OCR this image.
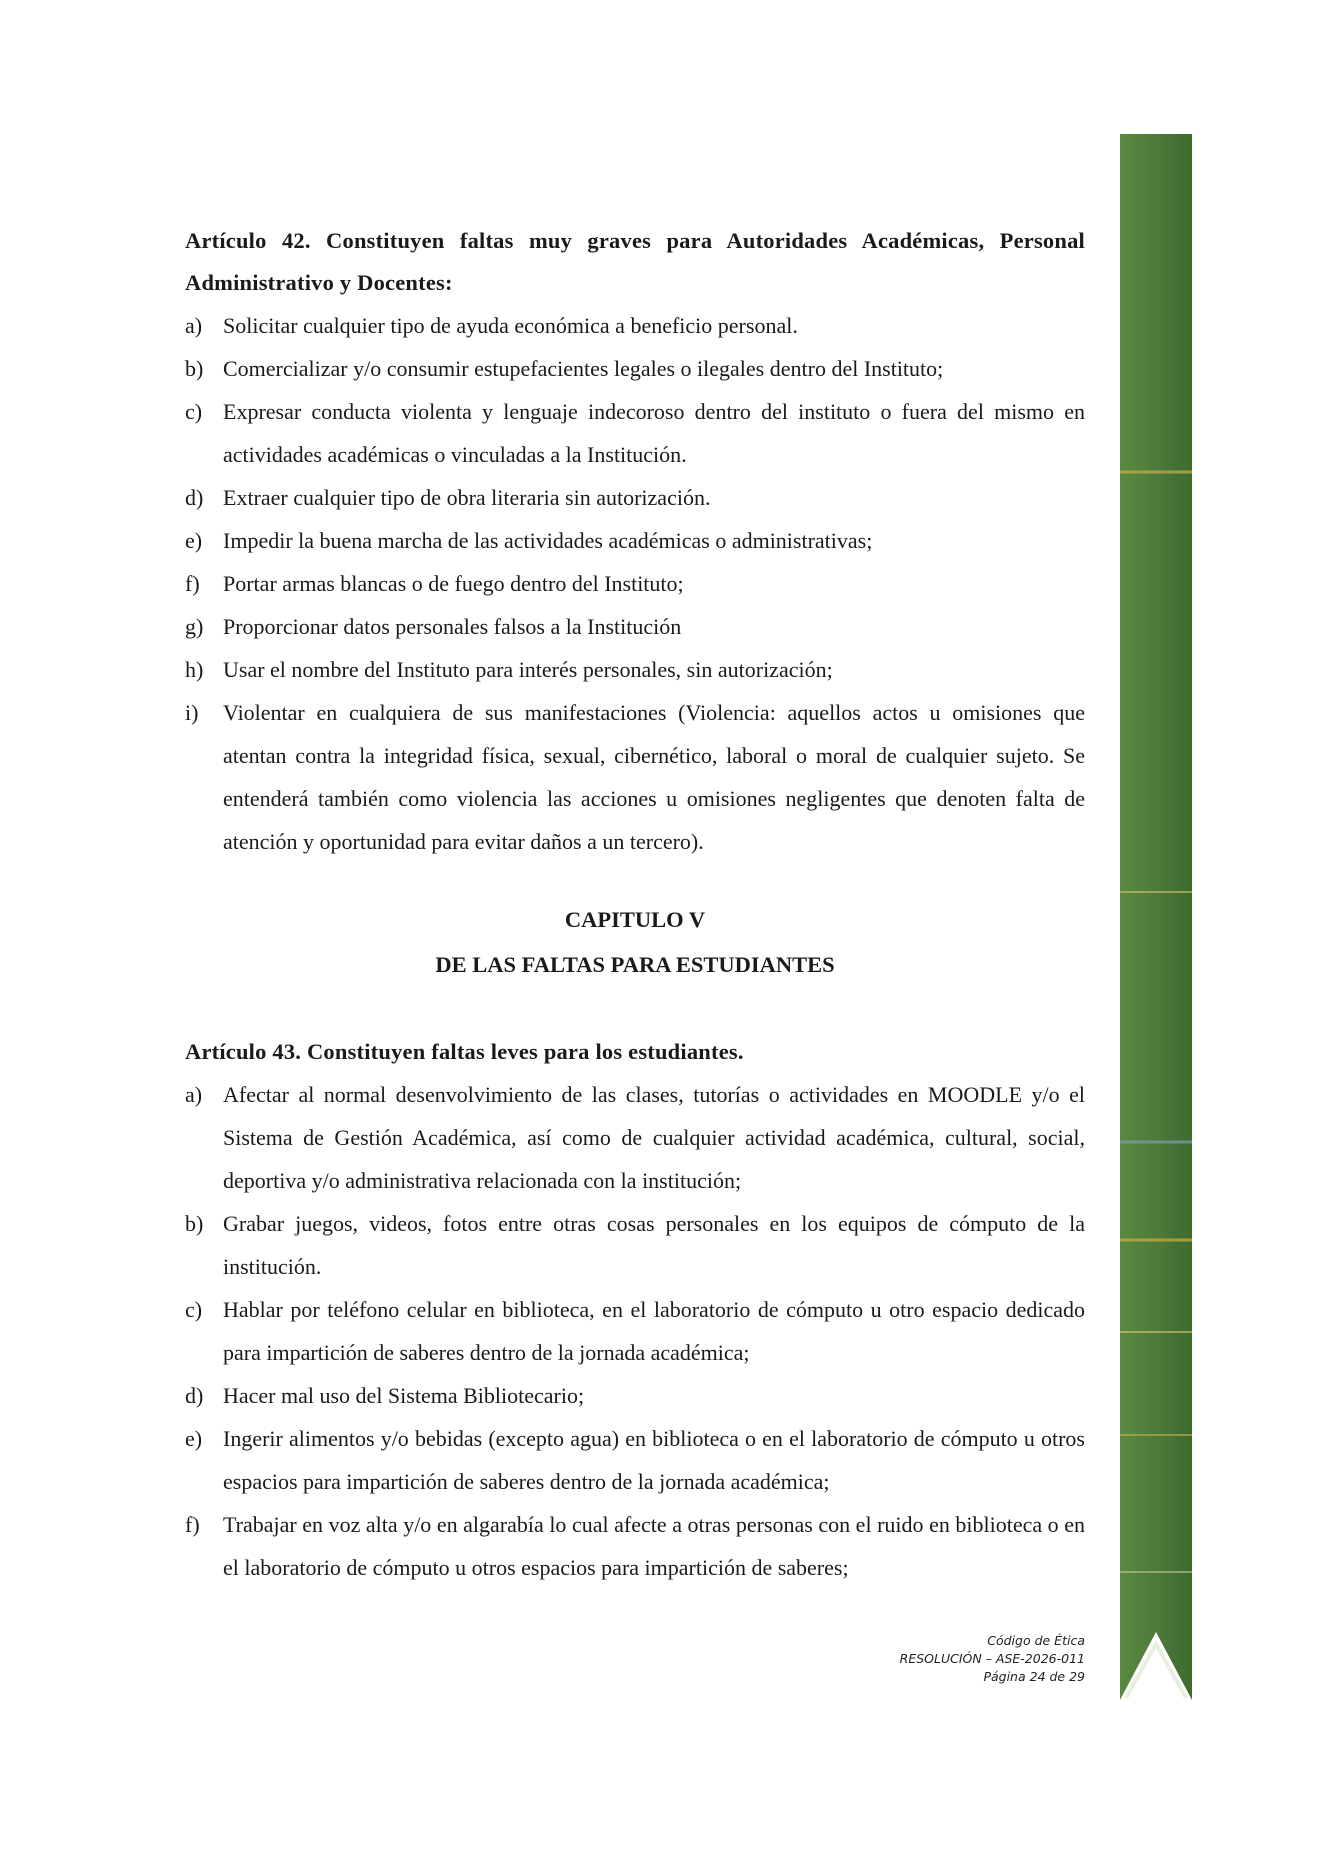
Artículo 42. Constituyen faltas muy graves para Autoridades Académicas, Personal Administrativo y Docentes:

a) Solicitar cualquier tipo de ayuda económica a beneficio personal.
b) Comercializar y/o consumir estupefacientes legales o ilegales dentro del Instituto;
c) Expresar conducta violenta y lenguaje indecoroso dentro del instituto o fuera del mismo en actividades académicas o vinculadas a la Institución.
d) Extraer cualquier tipo de obra literaria sin autorización.
e) Impedir la buena marcha de las actividades académicas o administrativas;
f)	Portar armas blancas o de fuego dentro del Instituto;
g) Proporcionar datos personales falsos a la Institución
h) Usar el nombre del Instituto para interés personales, sin autorización;
i)	Violentar en cualquiera de sus manifestaciones (Violencia: aquellos actos u omisiones que atentan contra la integridad física, sexual, cibernético, laboral o moral de cualquier sujeto. Se entenderá también como violencia las acciones u omisiones negligentes que denoten falta de atención y oportunidad para evitar daños a un tercero).
CAPITULO V
DE LAS FALTAS PARA ESTUDIANTES

Artículo 43. Constituyen faltas leves para los estudiantes.

a) Afectar al normal desenvolvimiento de las clases, tutorías o actividades en MOODLE y/o el Sistema de Gestión Académica, así como de cualquier actividad académica, cultural, social, deportiva y/o administrativa relacionada con la institución;
b) Grabar juegos, videos, fotos entre otras cosas personales en los equipos de cómputo de la institución.
c) Hablar por teléfono celular en biblioteca, en el laboratorio de cómputo u otro espacio dedicado para impartición de saberes dentro de la jornada académica;
d) Hacer mal uso del Sistema Bibliotecario;
e) Ingerir alimentos y/o bebidas (excepto agua) en biblioteca o en el laboratorio de cómputo u otros espacios para impartición de saberes dentro de la jornada académica;
f)	Trabajar en voz alta y/o en algarabía lo cual afecte a otras personas con el ruido en biblioteca o en el laboratorio de cómputo u otros espacios para impartición de saberes;
Código de Ética
RESOLUCIÓN – ASE-2026-011
Página 24 de 29
